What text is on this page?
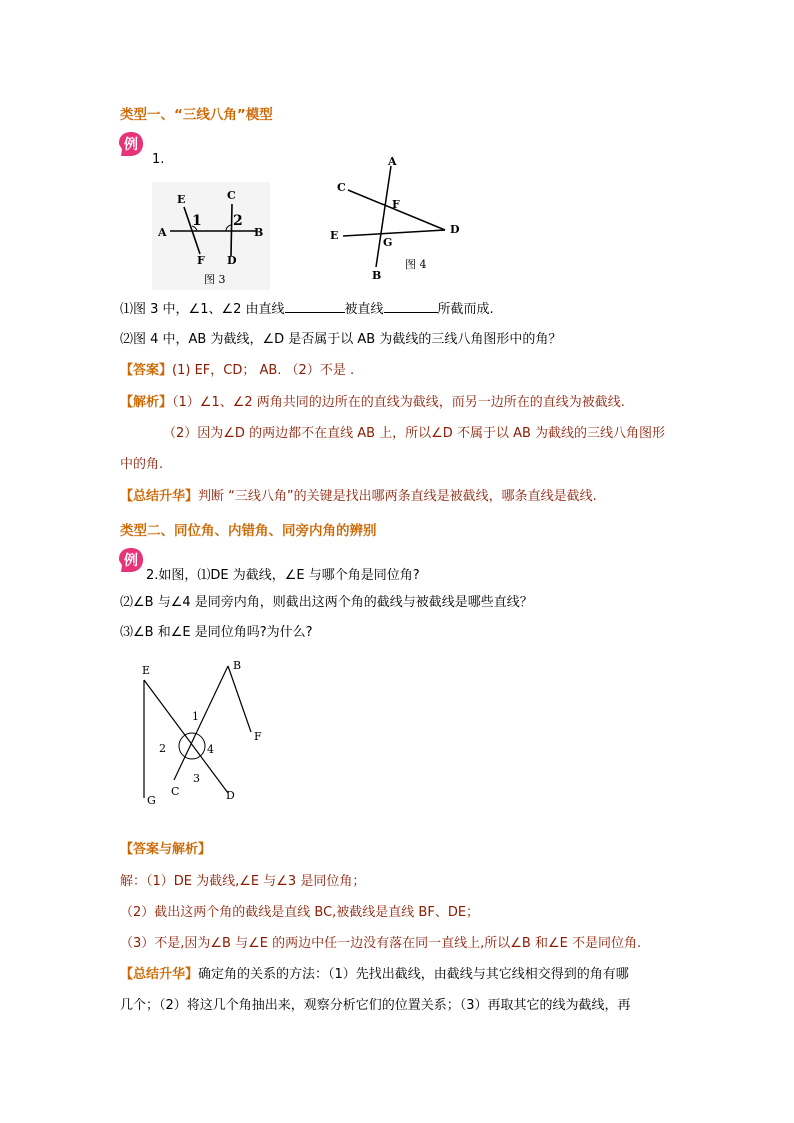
类型一、“三线八角”模型
例
1.
E	C
1 2
A	B
F D
图 3
A
C
F
D
E
G
B
图 4
⑴图 3 中，∠1、∠2 由直线	被直线	所截而成.
⑵图 4 中，AB 为截线，∠D 是否属于以 AB 为截线的三线八角图形中的角？
【答案】(1) EF，CD； AB. （2）不是 .
【解析】（1）∠1、∠2 两角共同的边所在的直线为截线，而另一边所在的直线为被截线.
（2）因为∠D 的两边都不在直线 AB 上，所以∠D 不属于以 AB 为截线的三线八角图形
中的角.
【总结升华】判断 “三线八角”的关键是找出哪两条直线是被截线，哪条直线是截线.
类型二、同位角、内错角、同旁内角的辨别
例
2.如图，⑴DE 为截线，∠E 与哪个角是同位角?
⑵∠B 与∠4 是同旁内角，则截出这两个角的截线与被截线是哪些直线？
⑶∠B 和∠E 是同位角吗?为什么?
E	B
1
F
2	4
3
C
G	D
【答案与解析】
解：（1）DE 为截线,∠E 与∠3 是同位角；
（2）截出这两个角的截线是直线 BC,被截线是直线 BF、DE；
（3）不是,因为∠B 与∠E 的两边中任一边没有落在同一直线上,所以∠B 和∠E 不是同位角.
【总结升华】确定角的关系的方法：（1）先找出截线，由截线与其它线相交得到的角有哪
几个；（2）将这几个角抽出来，观察分析它们的位置关系；（3）再取其它的线为截线，再
